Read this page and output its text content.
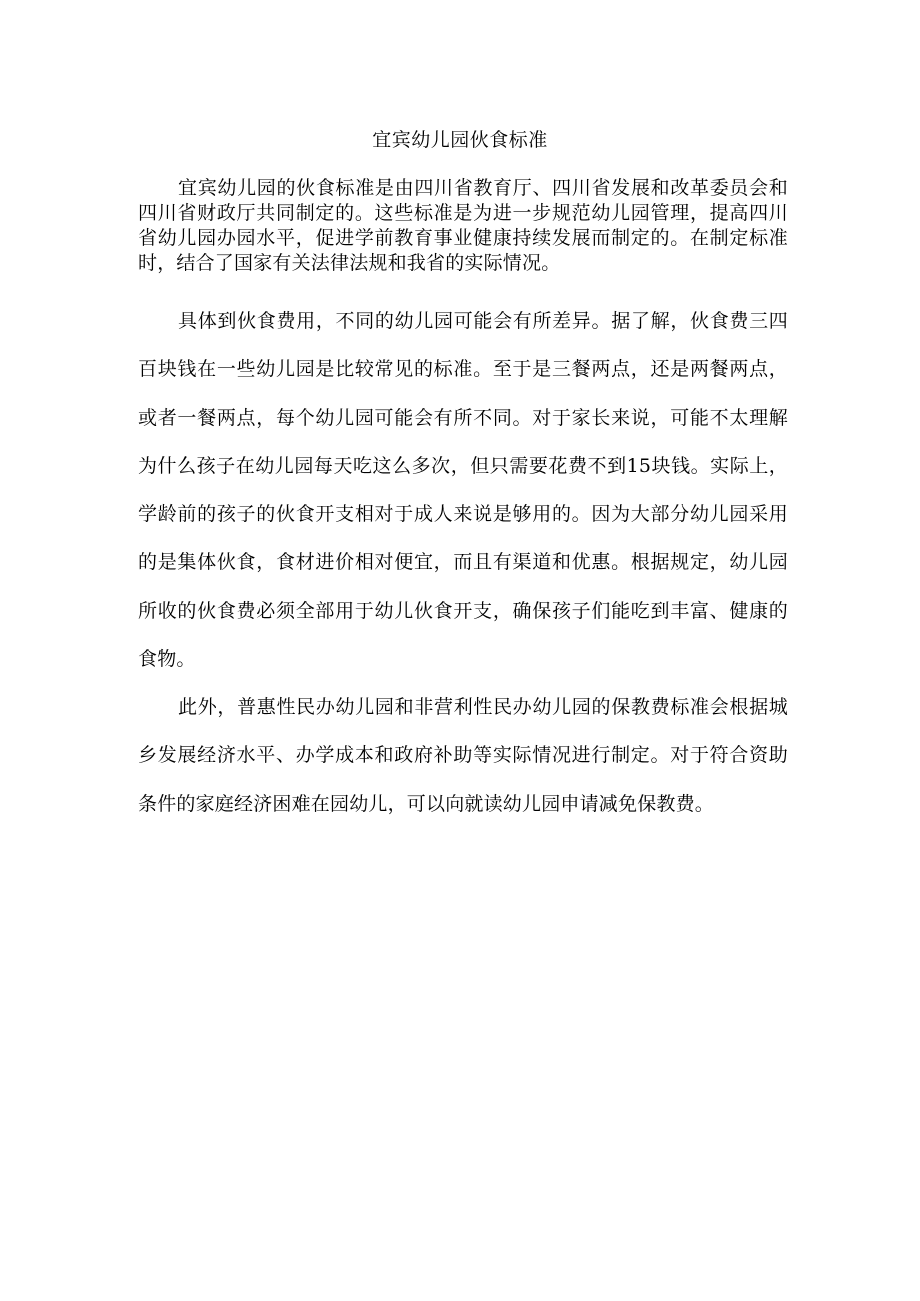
宜宾幼儿园伙食标准

宜宾幼儿园的伙食标准是由四川省教育厅、四川省发展和改革委员会和四川省财政厅共同制定的。这些标准是为进一步规范幼儿园管理，提高四川省幼儿园办园水平，促进学前教育事业健康持续发展而制定的。在制定标准时，结合了国家有关法律法规和我省的实际情况。

具体到伙食费用，不同的幼儿园可能会有所差异。据了解，伙食费三四百块钱在一些幼儿园是比较常见的标准。至于是三餐两点，还是两餐两点，或者一餐两点，每个幼儿园可能会有所不同。对于家长来说，可能不太理解为什么孩子在幼儿园每天吃这么多次，但只需要花费不到15块钱。实际上，学龄前的孩子的伙食开支相对于成人来说是够用的。因为大部分幼儿园采用的是集体伙食，食材进价相对便宜，而且有渠道和优惠。根据规定，幼儿园所收的伙食费必须全部用于幼儿伙食开支，确保孩子们能吃到丰富、健康的食物。

此外，普惠性民办幼儿园和非营利性民办幼儿园的保教费标准会根据城乡发展经济水平、办学成本和政府补助等实际情况进行制定。对于符合资助条件的家庭经济困难在园幼儿，可以向就读幼儿园申请减免保教费。
